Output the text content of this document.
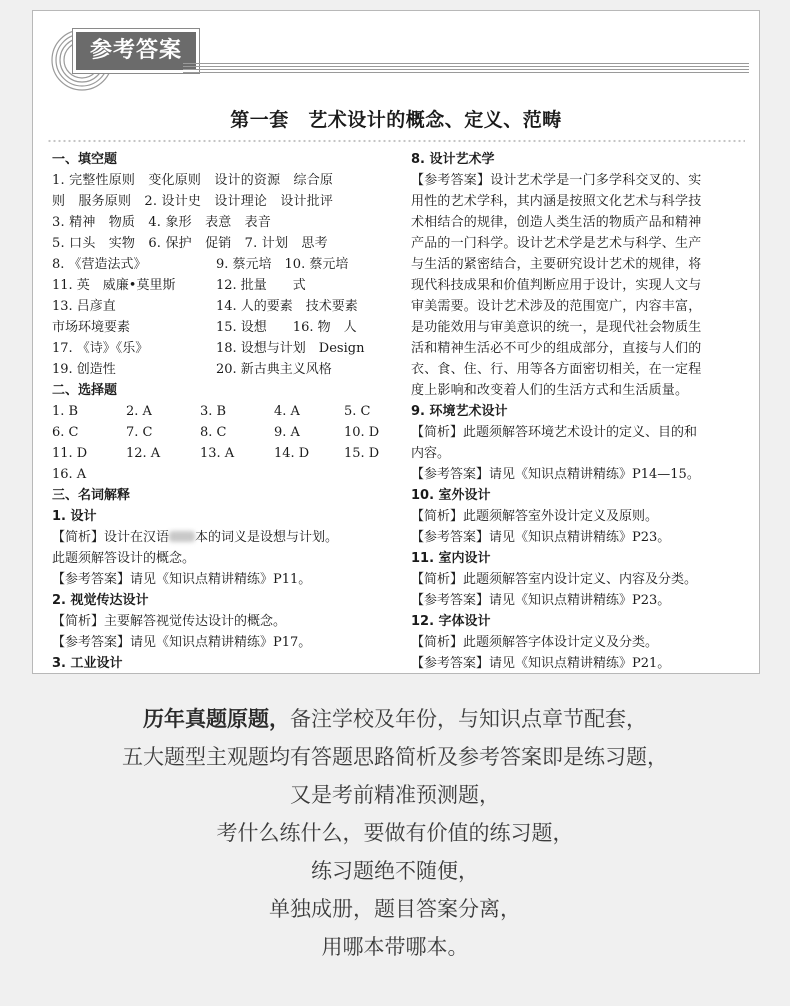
参考答案
第一套　艺术设计的概念、定义、范畴
一、填空题
1. 完整性原则　变化原则　设计的资源　综合原
则　服务原则　2. 设计史　设计理论　设计批评
3. 精神　物质　4. 象形　表意　表音
5. 口头　实物　6. 保护　促销　7. 计划　思考
8. 《营造法式》	9. 蔡元培　10. 蔡元培
11. 英　威廉•莫里斯	12. 批量　　式
13. 吕彦直	14. 人的要素　技术要素
市场环境要素	15. 设想　　16. 物　人
17. 《诗》《乐》	18. 设想与计划　Design
19. 创造性	20. 新古典主义风格
二、选择题
1. B	2. A	3. B	4. A	5. C
6. C	7. C	8. C	9. A	10. D
11. D	12. A	13. A	14. D	15. D
16. A
三、名词解释
1. 设计
【简析】设计在汉语 本的词义是设想与计划。
此题须解答设计的概念。
【参考答案】请见《知识点精讲精练》P11。
2. 视觉传达设计
【简析】主要解答视觉传达设计的概念。
【参考答案】请见《知识点精讲精练》P17。
3. 工业设计
8. 设计艺术学
【参考答案】设计艺术学是一门多学科交叉的、实
用性的艺术学科，其内涵是按照文化艺术与科学技
术相结合的规律，创造人类生活的物质产品和精神
产品的一门科学。设计艺术学是艺术与科学、生产
与生活的紧密结合，主要研究设计艺术的规律，将
现代科技成果和价值判断应用于设计，实现人文与
审美需要。设计艺术涉及的范围宽广，内容丰富，
是功能效用与审美意识的统一，是现代社会物质生
活和精神生活必不可少的组成部分，直接与人们的
衣、食、住、行、用等各方面密切相关，在一定程
度上影响和改变着人们的生活方式和生活质量。
9. 环境艺术设计
【简析】此题须解答环境艺术设计的定义、目的和
内容。
【参考答案】请见《知识点精讲精练》P14—15。
10. 室外设计
【简析】此题须解答室外设计定义及原则。
【参考答案】请见《知识点精讲精练》P23。
11. 室内设计
【简析】此题须解答室内设计定义、内容及分类。
【参考答案】请见《知识点精讲精练》P23。
12. 字体设计
【简析】此题须解答字体设计定义及分类。
【参考答案】请见《知识点精讲精练》P21。
历年真题原题，备注学校及年份，与知识点章节配套，
五大题型主观题均有答题思路简析及参考答案即是练习题，
又是考前精准预测题，
考什么练什么，要做有价值的练习题，
练习题绝不随便，
单独成册，题目答案分离，
用哪本带哪本。
